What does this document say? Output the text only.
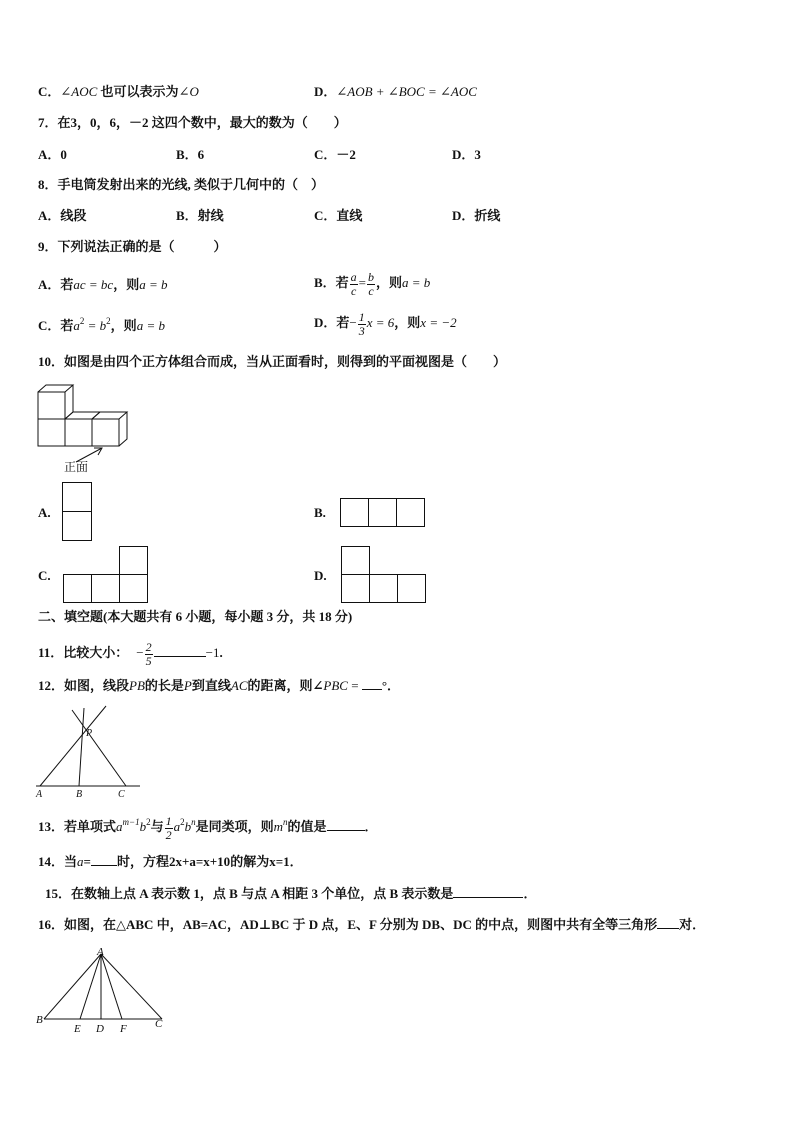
C．∠AOC 也可以表示为∠O	D．∠AOB + ∠BOC = ∠AOC
7．在3，0，6，－2 这四个数中，最大的数为（　　）
A．0	B．6	C．－2	D．3
8．手电筒发射出来的光线, 类似于几何中的（　）
A．线段	B．射线	C．直线	D．折线
9．下列说法正确的是（　　　）
A．若ac = bc，则a = b	B．若 $\frac{a}{c} = \frac{b}{c}$ ，则a = b
C．若$a^2 = b^2$，则a = b	D．若− $\frac{1}{3}$ x = 6，则x = −2
10．如图是由四个正方体组合而成，当从正面看时，则得到的平面视图是（　　）
正面
A.	B.
C.	D.
二、填空题(本大题共有 6 小题，每小题 3 分，共 18 分)
11．比较大小： − $\frac{2}{5}$	−1.
12．如图，线段PB的长是P到直线AC的距离，则∠PBC = °．
P
A	B	C
13．若单项式$a^{m-1}b^2$与 $\frac{1}{2} a^2b^n$是同类项，则$m^n$的值是	．
14．当a= 时，方程2x+a=x+10的解为x=1．
15．在数轴上点 A 表示数 1，点 B 与点 A 相距 3 个单位，点 B 表示数是	．
16．如图，在△ABC 中，AB=AC，AD⊥BC 于 D 点，E、F 分别为 DB、DC 的中点，则图中共有全等三角形 对．
A
B	C
E D F
